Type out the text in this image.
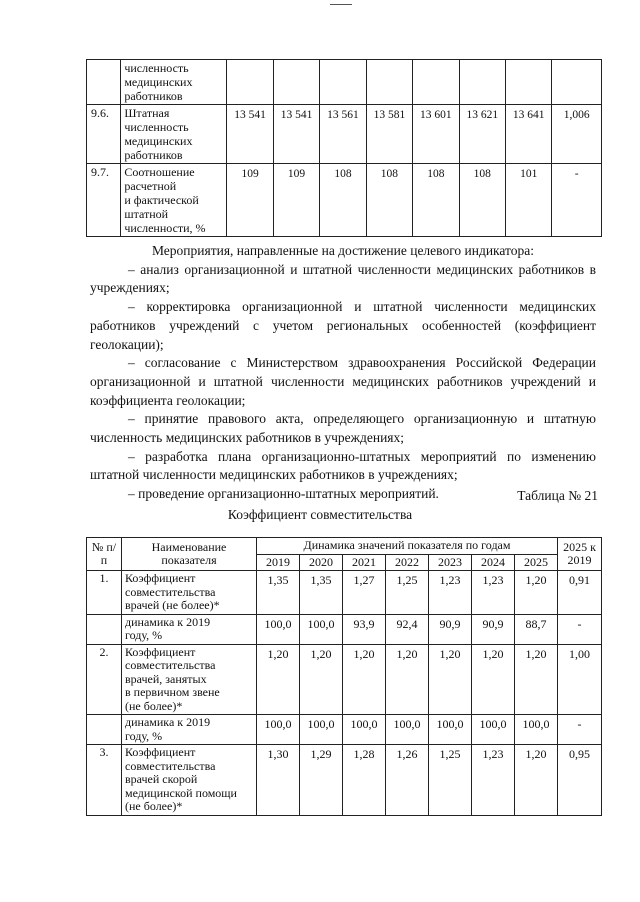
	численность
медицинских
работников								

9.6.	Штатная
численность
медицинских
работников	13 541	13 541	13 561	13 581	13 601	13 621	13 641	1,006
9.7.	Соотношение
расчетной
и фактической
штатной
численности, %	109	109	108	108	108	108	101	-

Мероприятия, направленные на достижение целевого индикатора:

– анализ организационной и штатной численности медицинских работников в учреждениях;

– корректировка организационной и штатной численности медицинских работников учреждений с учетом региональных особенностей (коэффициент геолокации);

– согласование с Министерством здравоохранения Российской Федерации организационной и штатной численности медицинских работников учреждений и коэффициента геолокации;

– принятие правового акта, определяющего организационную и штатную численность медицинских работников в учреждениях;

– разработка плана организационно-штатных мероприятий по изменению штатной численности медицинских работников в учреждениях;

– проведение организационно-штатных мероприятий.	Таблица № 21
Коэффициент совместительства
№ п/п	Наименование показателя	Динамика значений показателя по годам							2025 к 2019
		2019	2020	2021	2022	2023	2024	2025	
1.	Коэффициент
совместительства
врачей (не более)*	1,35	1,35	1,27	1,25	1,23	1,23	1,20	0,91

	динамика к 2019
году, %	100,0	100,0	93,9	92,4	90,9	90,9	88,7	-
2.	Коэффициент
совместительства
врачей, занятых
в первичном звене
(не более)*	1,20	1,20	1,20	1,20	1,20	1,20	1,20	1,00

	динамика к 2019
году, %	100,0	100,0	100,0	100,0	100,0	100,0	100,0	-
3.	Коэффициент
совместительства
врачей скорой
медицинской помощи
(не более)*	1,30	1,29	1,28	1,26	1,25	1,23	1,20	0,95
